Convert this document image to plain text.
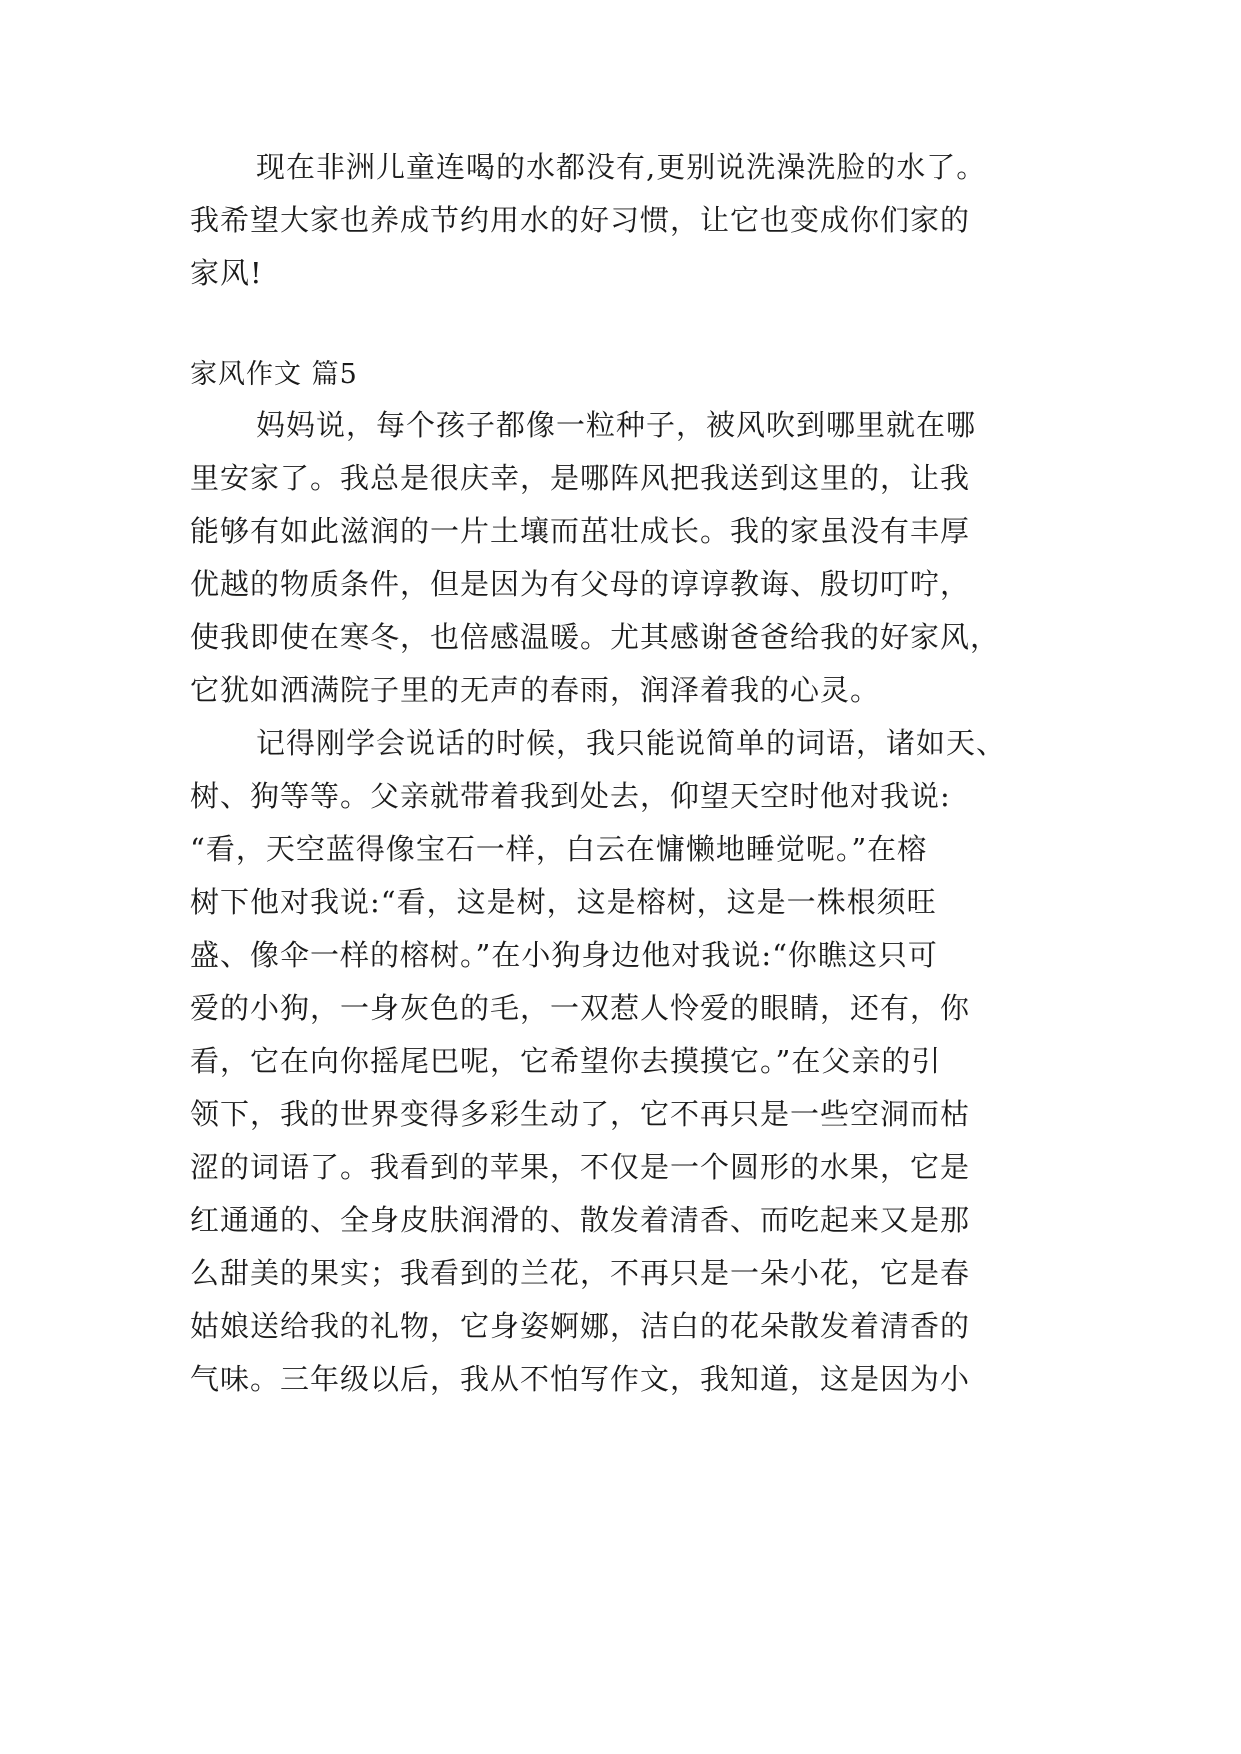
现在非洲儿童连喝的水都没有,更别说洗澡洗脸的水了。
我希望大家也养成节约用水的好习惯，让它也变成你们家的
家风!
家风作文 篇5
妈妈说，每个孩子都像一粒种子，被风吹到哪里就在哪
里安家了。我总是很庆幸，是哪阵风把我送到这里的，让我
能够有如此滋润的一片土壤而茁壮成长。我的家虽没有丰厚
优越的物质条件，但是因为有父母的谆谆教诲、殷切叮咛，
使我即使在寒冬，也倍感温暖。尤其感谢爸爸给我的好家风，
它犹如洒满院子里的无声的春雨，润泽着我的心灵。
记得刚学会说话的时候，我只能说简单的词语，诸如天、
树、狗等等。父亲就带着我到处去，仰望天空时他对我说:
“看，天空蓝得像宝石一样，白云在慵懒地睡觉呢。”在榕
树下他对我说:“看，这是树，这是榕树，这是一株根须旺
盛、像伞一样的榕树。”在小狗身边他对我说:“你瞧这只可
爱的小狗，一身灰色的毛，一双惹人怜爱的眼睛，还有，你
看，它在向你摇尾巴呢，它希望你去摸摸它。”在父亲的引
领下，我的世界变得多彩生动了，它不再只是一些空洞而枯
涩的词语了。我看到的苹果，不仅是一个圆形的水果，它是
红通通的、全身皮肤润滑的、散发着清香、而吃起来又是那
么甜美的果实；我看到的兰花，不再只是一朵小花，它是春
姑娘送给我的礼物，它身姿婀娜，洁白的花朵散发着清香的
气味。三年级以后，我从不怕写作文，我知道，这是因为小
